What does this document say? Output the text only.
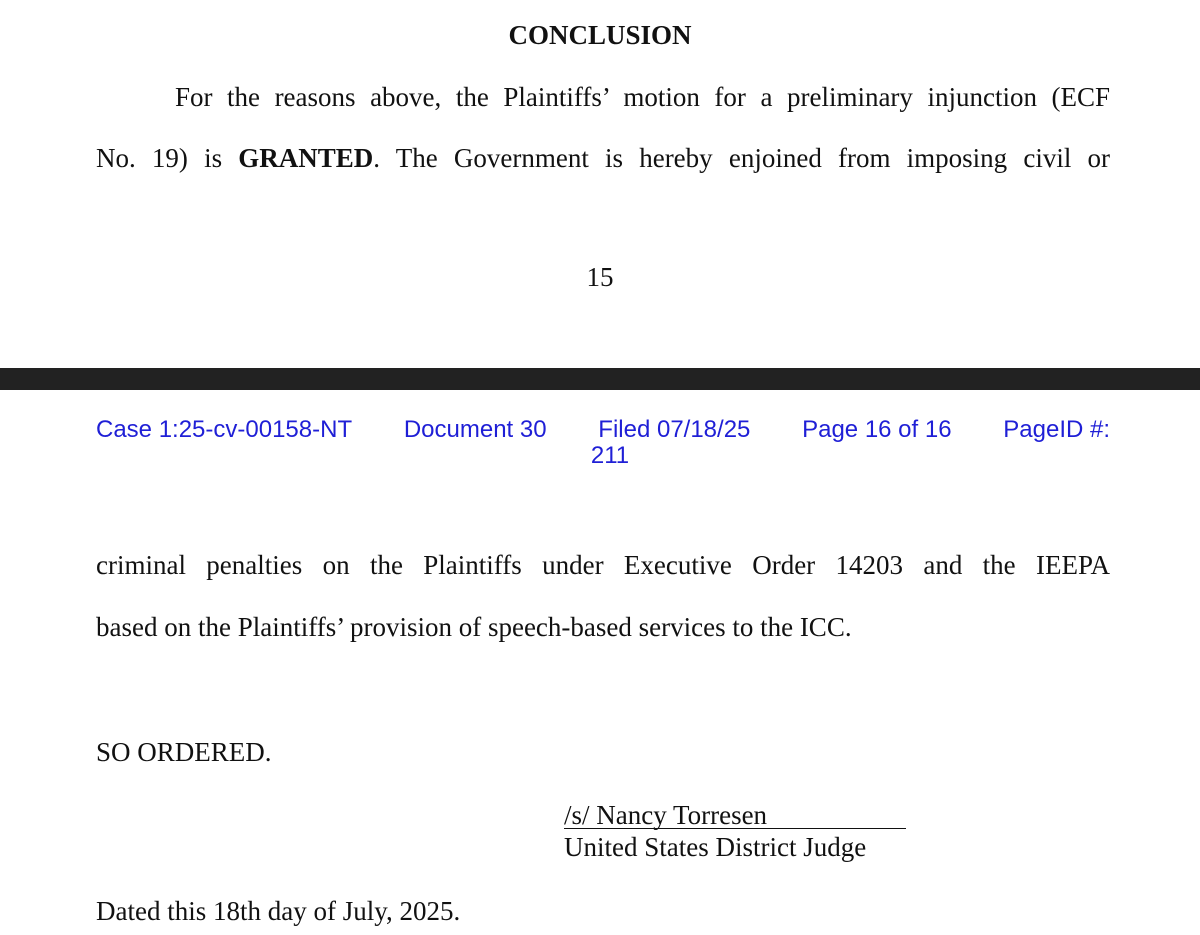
CONCLUSION
For the reasons above, the Plaintiffs’ motion for a preliminary injunction (ECF
No. 19) is GRANTED. The Government is hereby enjoined from imposing civil or
15
Case 1:25-cv-00158-NT Document 30 Filed 07/18/25 Page 16 of 16 PageID #:
211
criminal penalties on the Plaintiffs under Executive Order 14203 and the IEEPA
based on the Plaintiffs’ provision of speech-based services to the ICC.
SO ORDERED.
/s/ Nancy Torresen
United States District Judge
Dated this 18th day of July, 2025.
